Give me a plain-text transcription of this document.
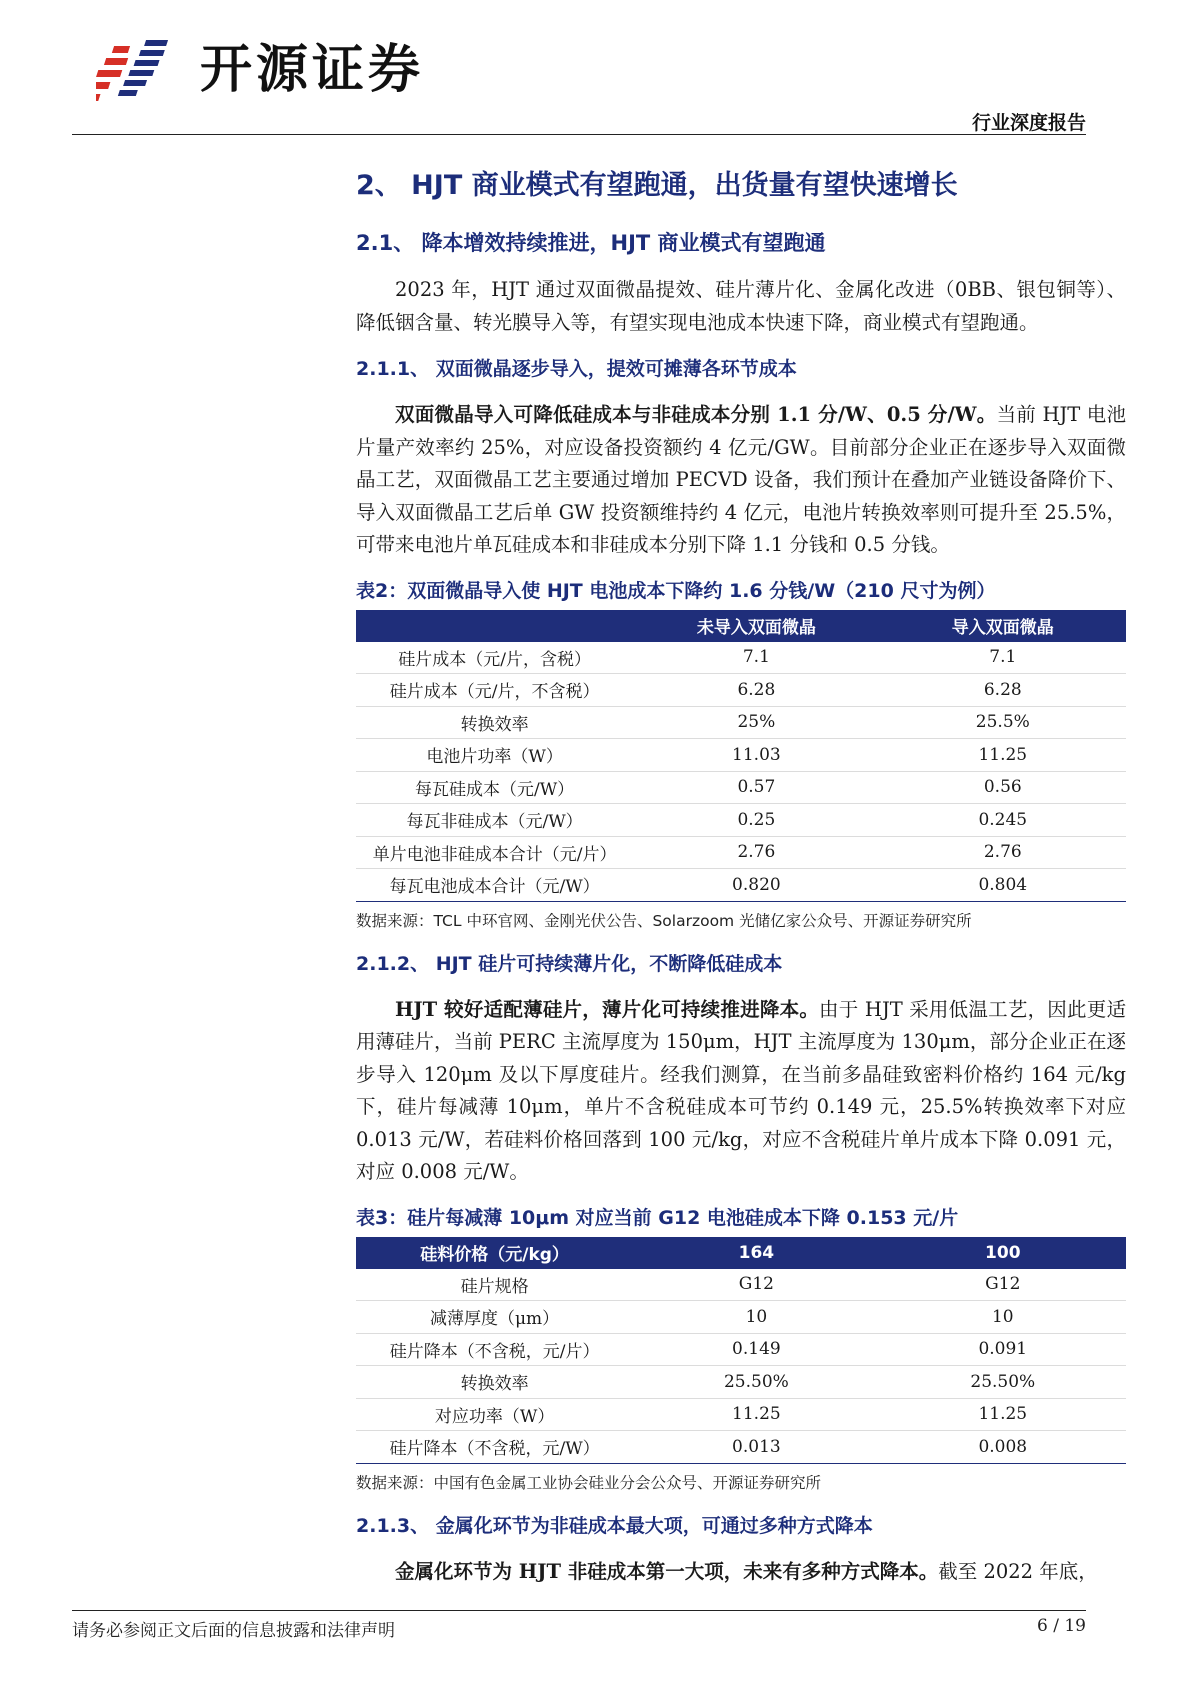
开源证券
行业深度报告
2、 HJT 商业模式有望跑通，出货量有望快速增长
2.1、 降本增效持续推进，HJT 商业模式有望跑通

2023 年，HJT 通过双面微晶提效、硅片薄片化、金属化改进（0BB、银包铜等）、降低铟含量、转光膜导入等，有望实现电池成本快速下降，商业模式有望跑通。

2.1.1、 双面微晶逐步导入，提效可摊薄各环节成本

双面微晶导入可降低硅成本与非硅成本分别 1.1 分/W、0.5 分/W。当前 HJT 电池片量产效率约 25%，对应设备投资额约 4 亿元/GW。目前部分企业正在逐步导入双面微晶工艺，双面微晶工艺主要通过增加 PECVD 设备，我们预计在叠加产业链设备降价下、导入双面微晶工艺后单 GW 投资额维持约 4 亿元，电池片转换效率则可提升至 25.5%，可带来电池片单瓦硅成本和非硅成本分别下降 1.1 分钱和 0.5 分钱。

表2：双面微晶导入使 HJT 电池成本下降约 1.6 分钱/W（210 尺寸为例）
	未导入双面微晶	导入双面微晶
硅片成本（元/片，含税）	7.1	7.1
硅片成本（元/片，不含税）	6.28	6.28
转换效率	25%	25.5%
电池片功率（W）	11.03	11.25
每瓦硅成本（元/W）	0.57	0.56
每瓦非硅成本（元/W）	0.25	0.245
单片电池非硅成本合计（元/片）	2.76	2.76
每瓦电池成本合计（元/W）	0.820	0.804
数据来源：TCL 中环官网、金刚光伏公告、Solarzoom 光储亿家公众号、开源证券研究所
2.1.2、 HJT 硅片可持续薄片化，不断降低硅成本

HJT 较好适配薄硅片，薄片化可持续推进降本。由于 HJT 采用低温工艺，因此更适用薄硅片，当前 PERC 主流厚度为 150μm，HJT 主流厚度为 130μm，部分企业正在逐步导入 120μm 及以下厚度硅片。经我们测算，在当前多晶硅致密料价格约 164 元/kg 下，硅片每减薄 10μm，单片不含税硅成本可节约 0.149 元，25.5%转换效率下对应 0.013 元/W，若硅料价格回落到 100 元/kg，对应不含税硅片单片成本下降 0.091 元，对应 0.008 元/W。

表3：硅片每减薄 10μm 对应当前 G12 电池硅成本下降 0.153 元/片
硅料价格（元/kg）	164	100
硅片规格	G12	G12
减薄厚度（μm）	10	10
硅片降本（不含税，元/片）	0.149	0.091
转换效率	25.50%	25.50%
对应功率（W）	11.25	11.25
硅片降本（不含税，元/W）	0.013	0.008
数据来源：中国有色金属工业协会硅业分会公众号、开源证券研究所
2.1.3、 金属化环节为非硅成本最大项，可通过多种方式降本

金属化环节为 HJT 非硅成本第一大项，未来有多种方式降本。截至 2022 年底，

请务必参阅正文后面的信息披露和法律声明	6 / 19
